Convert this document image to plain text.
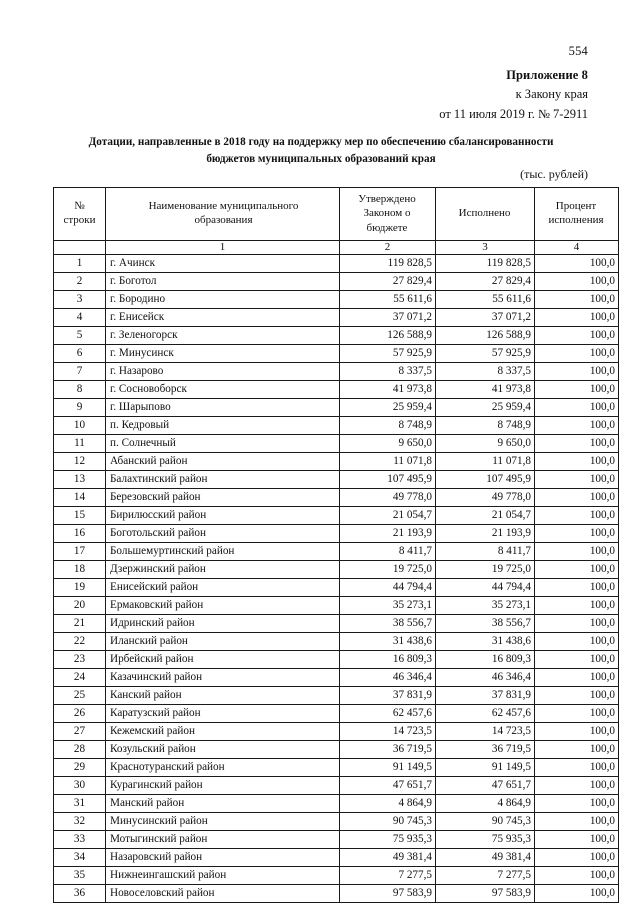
554
Приложение 8
к Закону края
от 11 июля 2019 г. № 7-2911
Дотации, направленные в 2018 году на поддержку мер по обеспечению сбалансированности
бюджетов муниципальных образований края
(тыс. рублей)
№
строки

Наименование муниципального
образования

Утверждено
Законом о
бюджете

Исполнено

Процент
исполнения

	1	2	3	4
1	г. Ачинск	119 828,5	119 828,5	100,0
2	г. Боготол	27 829,4	27 829,4	100,0
3	г. Бородино	55 611,6	55 611,6	100,0
4	г. Енисейск	37 071,2	37 071,2	100,0
5	г. Зеленогорск	126 588,9	126 588,9	100,0
6	г. Минусинск	57 925,9	57 925,9	100,0
7	г. Назарово	8 337,5	8 337,5	100,0
8	г. Сосновоборск	41 973,8	41 973,8	100,0
9	г. Шарыпово	25 959,4	25 959,4	100,0
10	п. Кедровый	8 748,9	8 748,9	100,0
11	п. Солнечный	9 650,0	9 650,0	100,0
12	Абанский район	11 071,8	11 071,8	100,0
13	Балахтинский район	107 495,9	107 495,9	100,0
14	Березовский район	49 778,0	49 778,0	100,0
15	Бирилюсский район	21 054,7	21 054,7	100,0
16	Боготольский район	21 193,9	21 193,9	100,0
17	Большемуртинский район	8 411,7	8 411,7	100,0
18	Дзержинский район	19 725,0	19 725,0	100,0
19	Енисейский район	44 794,4	44 794,4	100,0
20	Ермаковский район	35 273,1	35 273,1	100,0
21	Идринский район	38 556,7	38 556,7	100,0
22	Иланский район	31 438,6	31 438,6	100,0
23	Ирбейский район	16 809,3	16 809,3	100,0
24	Казачинский район	46 346,4	46 346,4	100,0
25	Канский район	37 831,9	37 831,9	100,0
26	Каратузский район	62 457,6	62 457,6	100,0
27	Кежемский район	14 723,5	14 723,5	100,0
28	Козульский район	36 719,5	36 719,5	100,0
29	Краснотуранский район	91 149,5	91 149,5	100,0
30	Курагинский район	47 651,7	47 651,7	100,0
31	Манский район	4 864,9	4 864,9	100,0
32	Минусинский район	90 745,3	90 745,3	100,0
33	Мотыгинский район	75 935,3	75 935,3	100,0
34	Назаровский район	49 381,4	49 381,4	100,0
35	Нижнеингашский район	7 277,5	7 277,5	100,0
36	Новоселовский район	97 583,9	97 583,9	100,0
